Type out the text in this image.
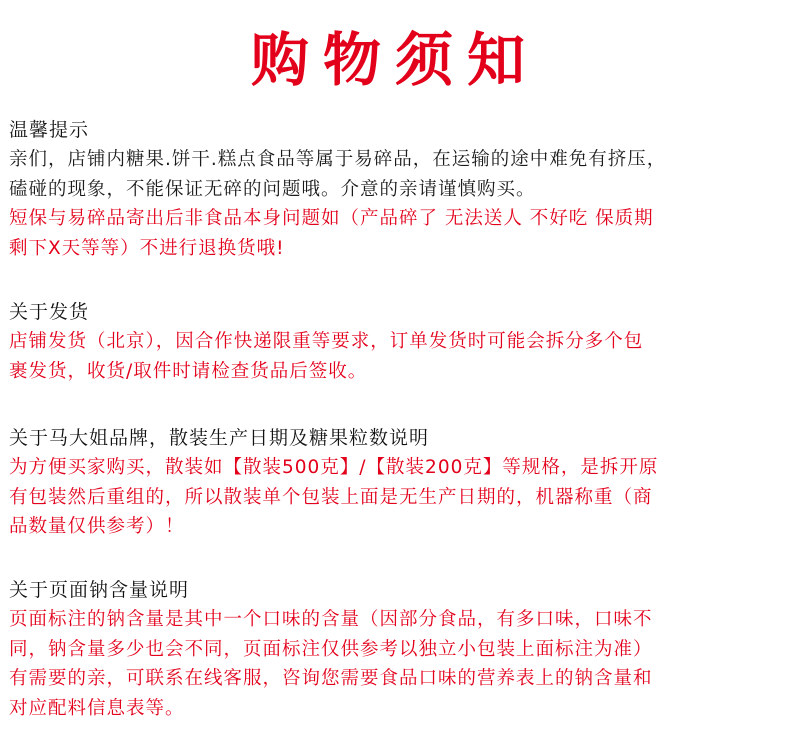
购物须知
温馨提示
亲们，店铺内糖果.饼干.糕点食品等属于易碎品，在运输的途中难免有挤压，
磕碰的现象，不能保证无碎的问题哦。介意的亲请谨慎购买。
短保与易碎品寄出后非食品本身问题如（产品碎了 无法送人 不好吃 保质期
剩下X天等等）不进行退换货哦!
关于发货
店铺发货（北京），因合作快递限重等要求，订单发货时可能会拆分多个包
裹发货，收货/取件时请检查货品后签收。
关于马大姐品牌，散装生产日期及糖果粒数说明
为方便买家购买，散装如【散装500克】/【散装200克】等规格，是拆开原
有包装然后重组的，所以散装单个包装上面是无生产日期的，机器称重（商
品数量仅供参考）！
关于页面钠含量说明
页面标注的钠含量是其中一个口味的含量（因部分食品，有多口味，口味不
同，钠含量多少也会不同，页面标注仅供参考以独立小包装上面标注为准）
有需要的亲，可联系在线客服，咨询您需要食品口味的营养表上的钠含量和
对应配料信息表等。
